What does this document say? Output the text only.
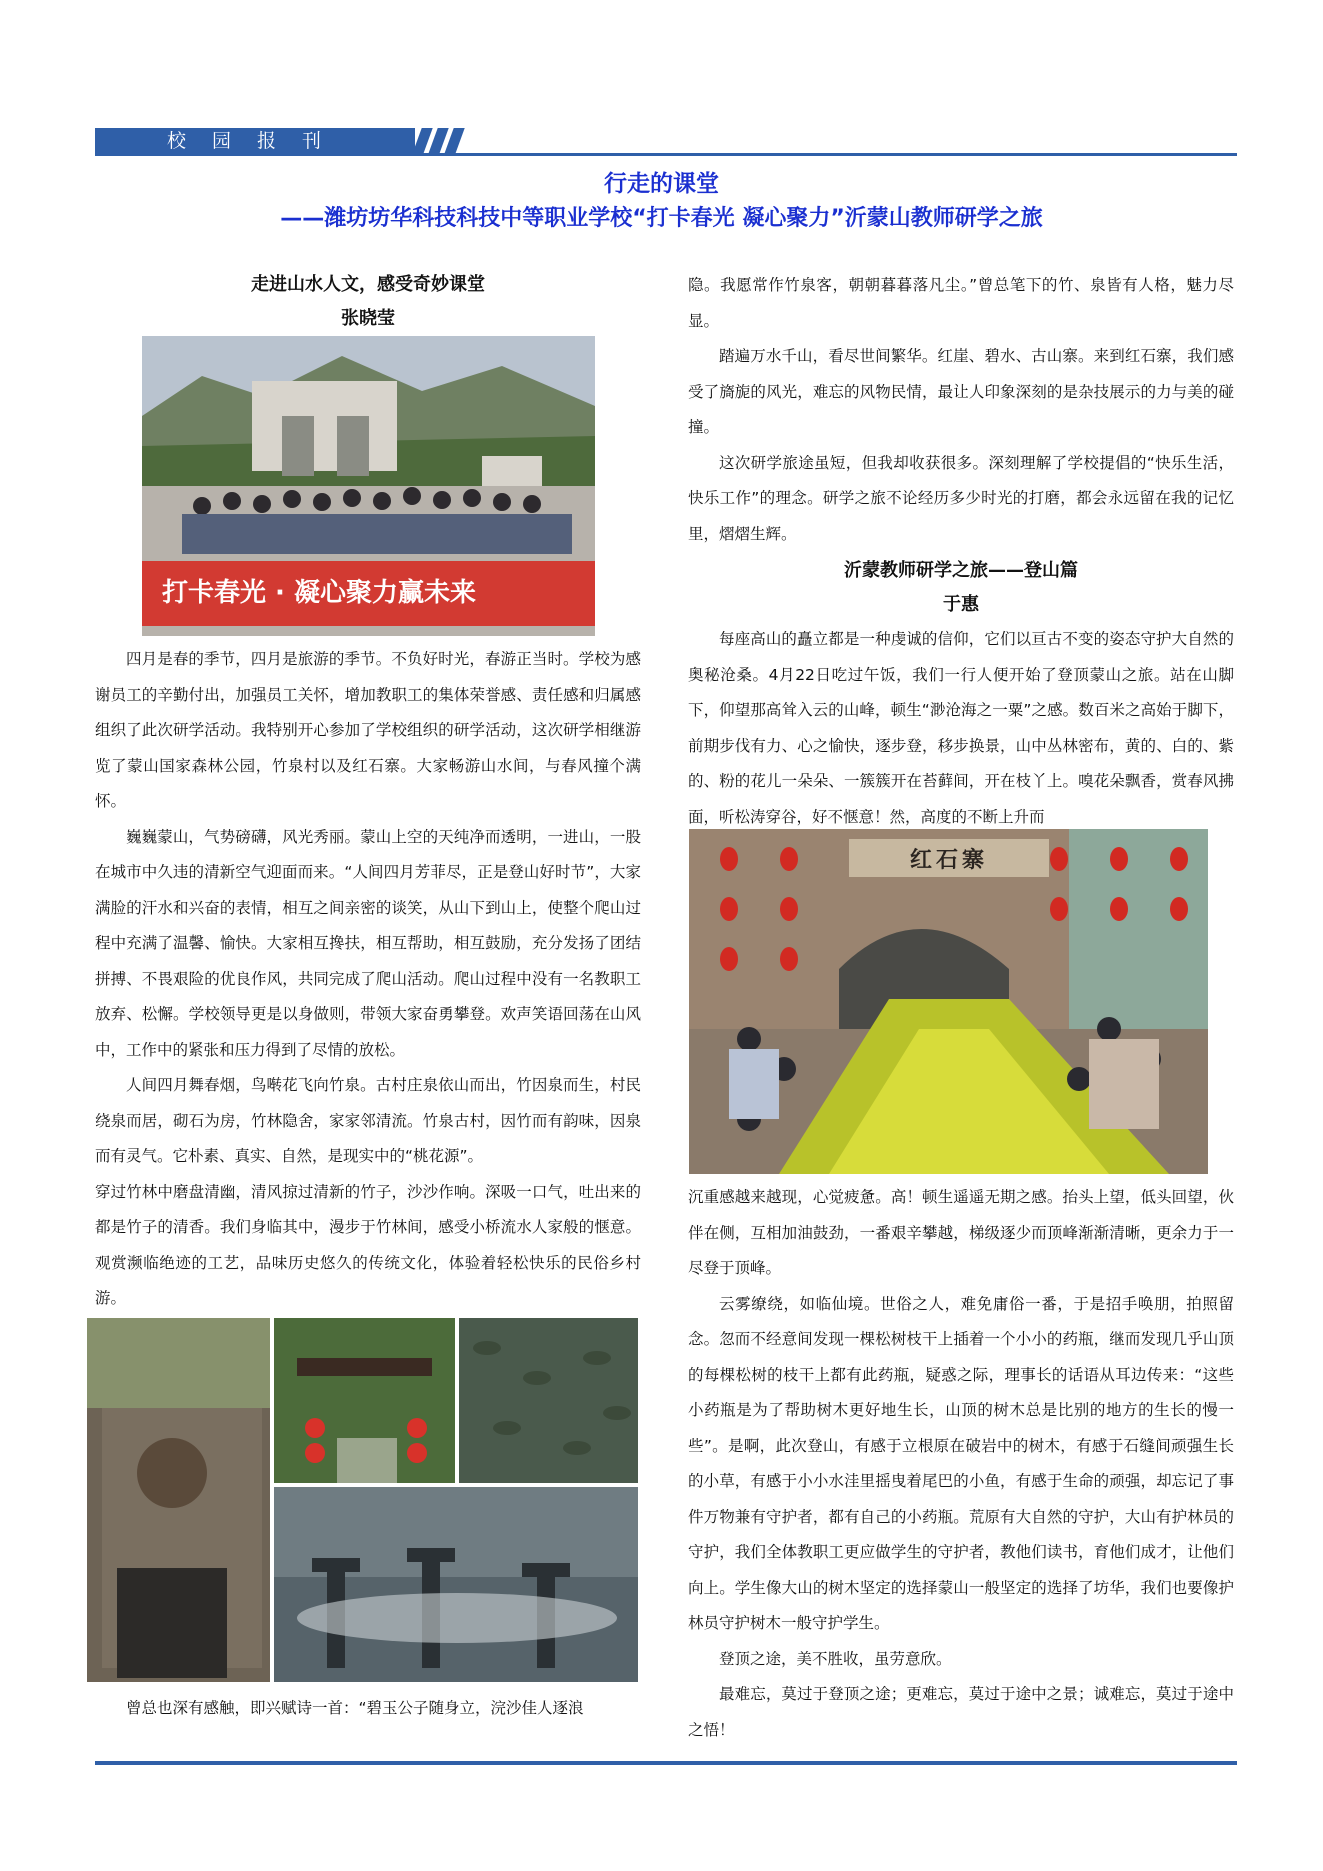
校园报刊
行走的课堂
——潍坊坊华科技科技中等职业学校“打卡春光 凝心聚力”沂蒙山教师研学之旅
走进山水人文，感受奇妙课堂
张晓莹
打卡春光 · 凝心聚力赢未来

四月是春的季节，四月是旅游的季节。不负好时光，春游正当时。学校为感谢员工的辛勤付出，加强员工关怀，增加教职工的集体荣誉感、责任感和归属感组织了此次研学活动。我特别开心参加了学校组织的研学活动，这次研学相继游览了蒙山国家森林公园，竹泉村以及红石寨。大家畅游山水间，与春风撞个满怀。

巍巍蒙山，气势磅礴，风光秀丽。蒙山上空的天纯净而透明，一进山，一股在城市中久违的清新空气迎面而来。“人间四月芳菲尽，正是登山好时节”，大家满脸的汗水和兴奋的表情，相互之间亲密的谈笑，从山下到山上，使整个爬山过程中充满了温馨、愉快。大家相互搀扶，相互帮助，相互鼓励，充分发扬了团结拼搏、不畏艰险的优良作风，共同完成了爬山活动。爬山过程中没有一名教职工放弃、松懈。学校领导更是以身做则，带领大家奋勇攀登。欢声笑语回荡在山风中，工作中的紧张和压力得到了尽情的放松。

人间四月舞春烟，鸟啭花飞向竹泉。古村庄泉依山而出，竹因泉而生，村民绕泉而居，砌石为房，竹林隐舍，家家邻清流。竹泉古村，因竹而有韵味，因泉而有灵气。它朴素、真实、自然，是现实中的“桃花源”。

穿过竹林中磨盘清幽，清风掠过清新的竹子，沙沙作响。深吸一口气，吐出来的都是竹子的清香。我们身临其中，漫步于竹林间，感受小桥流水人家般的惬意。观赏濒临绝迹的工艺，品味历史悠久的传统文化，体验着轻松快乐的民俗乡村游。

曾总也深有感触，即兴赋诗一首：“碧玉公子随身立，浣沙佳人逐浪

隐。我愿常作竹泉客，朝朝暮暮落凡尘。”曾总笔下的竹、泉皆有人格，魅力尽显。

踏遍万水千山，看尽世间繁华。红崖、碧水、古山寨。来到红石寨，我们感受了旖旎的风光，难忘的风物民情，最让人印象深刻的是杂技展示的力与美的碰撞。

这次研学旅途虽短，但我却收获很多。深刻理解了学校提倡的“快乐生活，快乐工作”的理念。研学之旅不论经历多少时光的打磨，都会永远留在我的记忆里，熠熠生辉。

沂蒙教师研学之旅——登山篇
于惠

每座高山的矗立都是一种虔诚的信仰，它们以亘古不变的姿态守护大自然的奥秘沧桑。4月22日吃过午饭，我们一行人便开始了登顶蒙山之旅。站在山脚下，仰望那高耸入云的山峰，顿生“渺沧海之一粟”之感。数百米之高始于脚下，前期步伐有力、心之愉快，逐步登，移步换景，山中丛林密布，黄的、白的、紫的、粉的花儿一朵朵、一簇簇开在苔藓间，开在枝丫上。嗅花朵飘香，赏春风拂面，听松涛穿谷，好不惬意！然，高度的不断上升而

红石寨

沉重感越来越现，心觉疲惫。高！顿生遥遥无期之感。抬头上望，低头回望，伙伴在侧，互相加油鼓劲，一番艰辛攀越，梯级逐少而顶峰渐渐清晰，更余力于一尽登于顶峰。

云雾缭绕，如临仙境。世俗之人，难免庸俗一番，于是招手唤朋，拍照留念。忽而不经意间发现一棵松树枝干上插着一个小小的药瓶，继而发现几乎山顶的每棵松树的枝干上都有此药瓶，疑惑之际，理事长的话语从耳边传来：“这些小药瓶是为了帮助树木更好地生长，山顶的树木总是比别的地方的生长的慢一些”。是啊，此次登山，有感于立根原在破岩中的树木，有感于石缝间顽强生长的小草，有感于小小水洼里摇曳着尾巴的小鱼，有感于生命的顽强，却忘记了事件万物兼有守护者，都有自己的小药瓶。荒原有大自然的守护，大山有护林员的守护，我们全体教职工更应做学生的守护者，教他们读书，育他们成才，让他们向上。学生像大山的树木坚定的选择蒙山一般坚定的选择了坊华，我们也要像护林员守护树木一般守护学生。

登顶之途，美不胜收，虽劳意欣。

最难忘，莫过于登顶之途；更难忘，莫过于途中之景；诚难忘，莫过于途中之悟！
